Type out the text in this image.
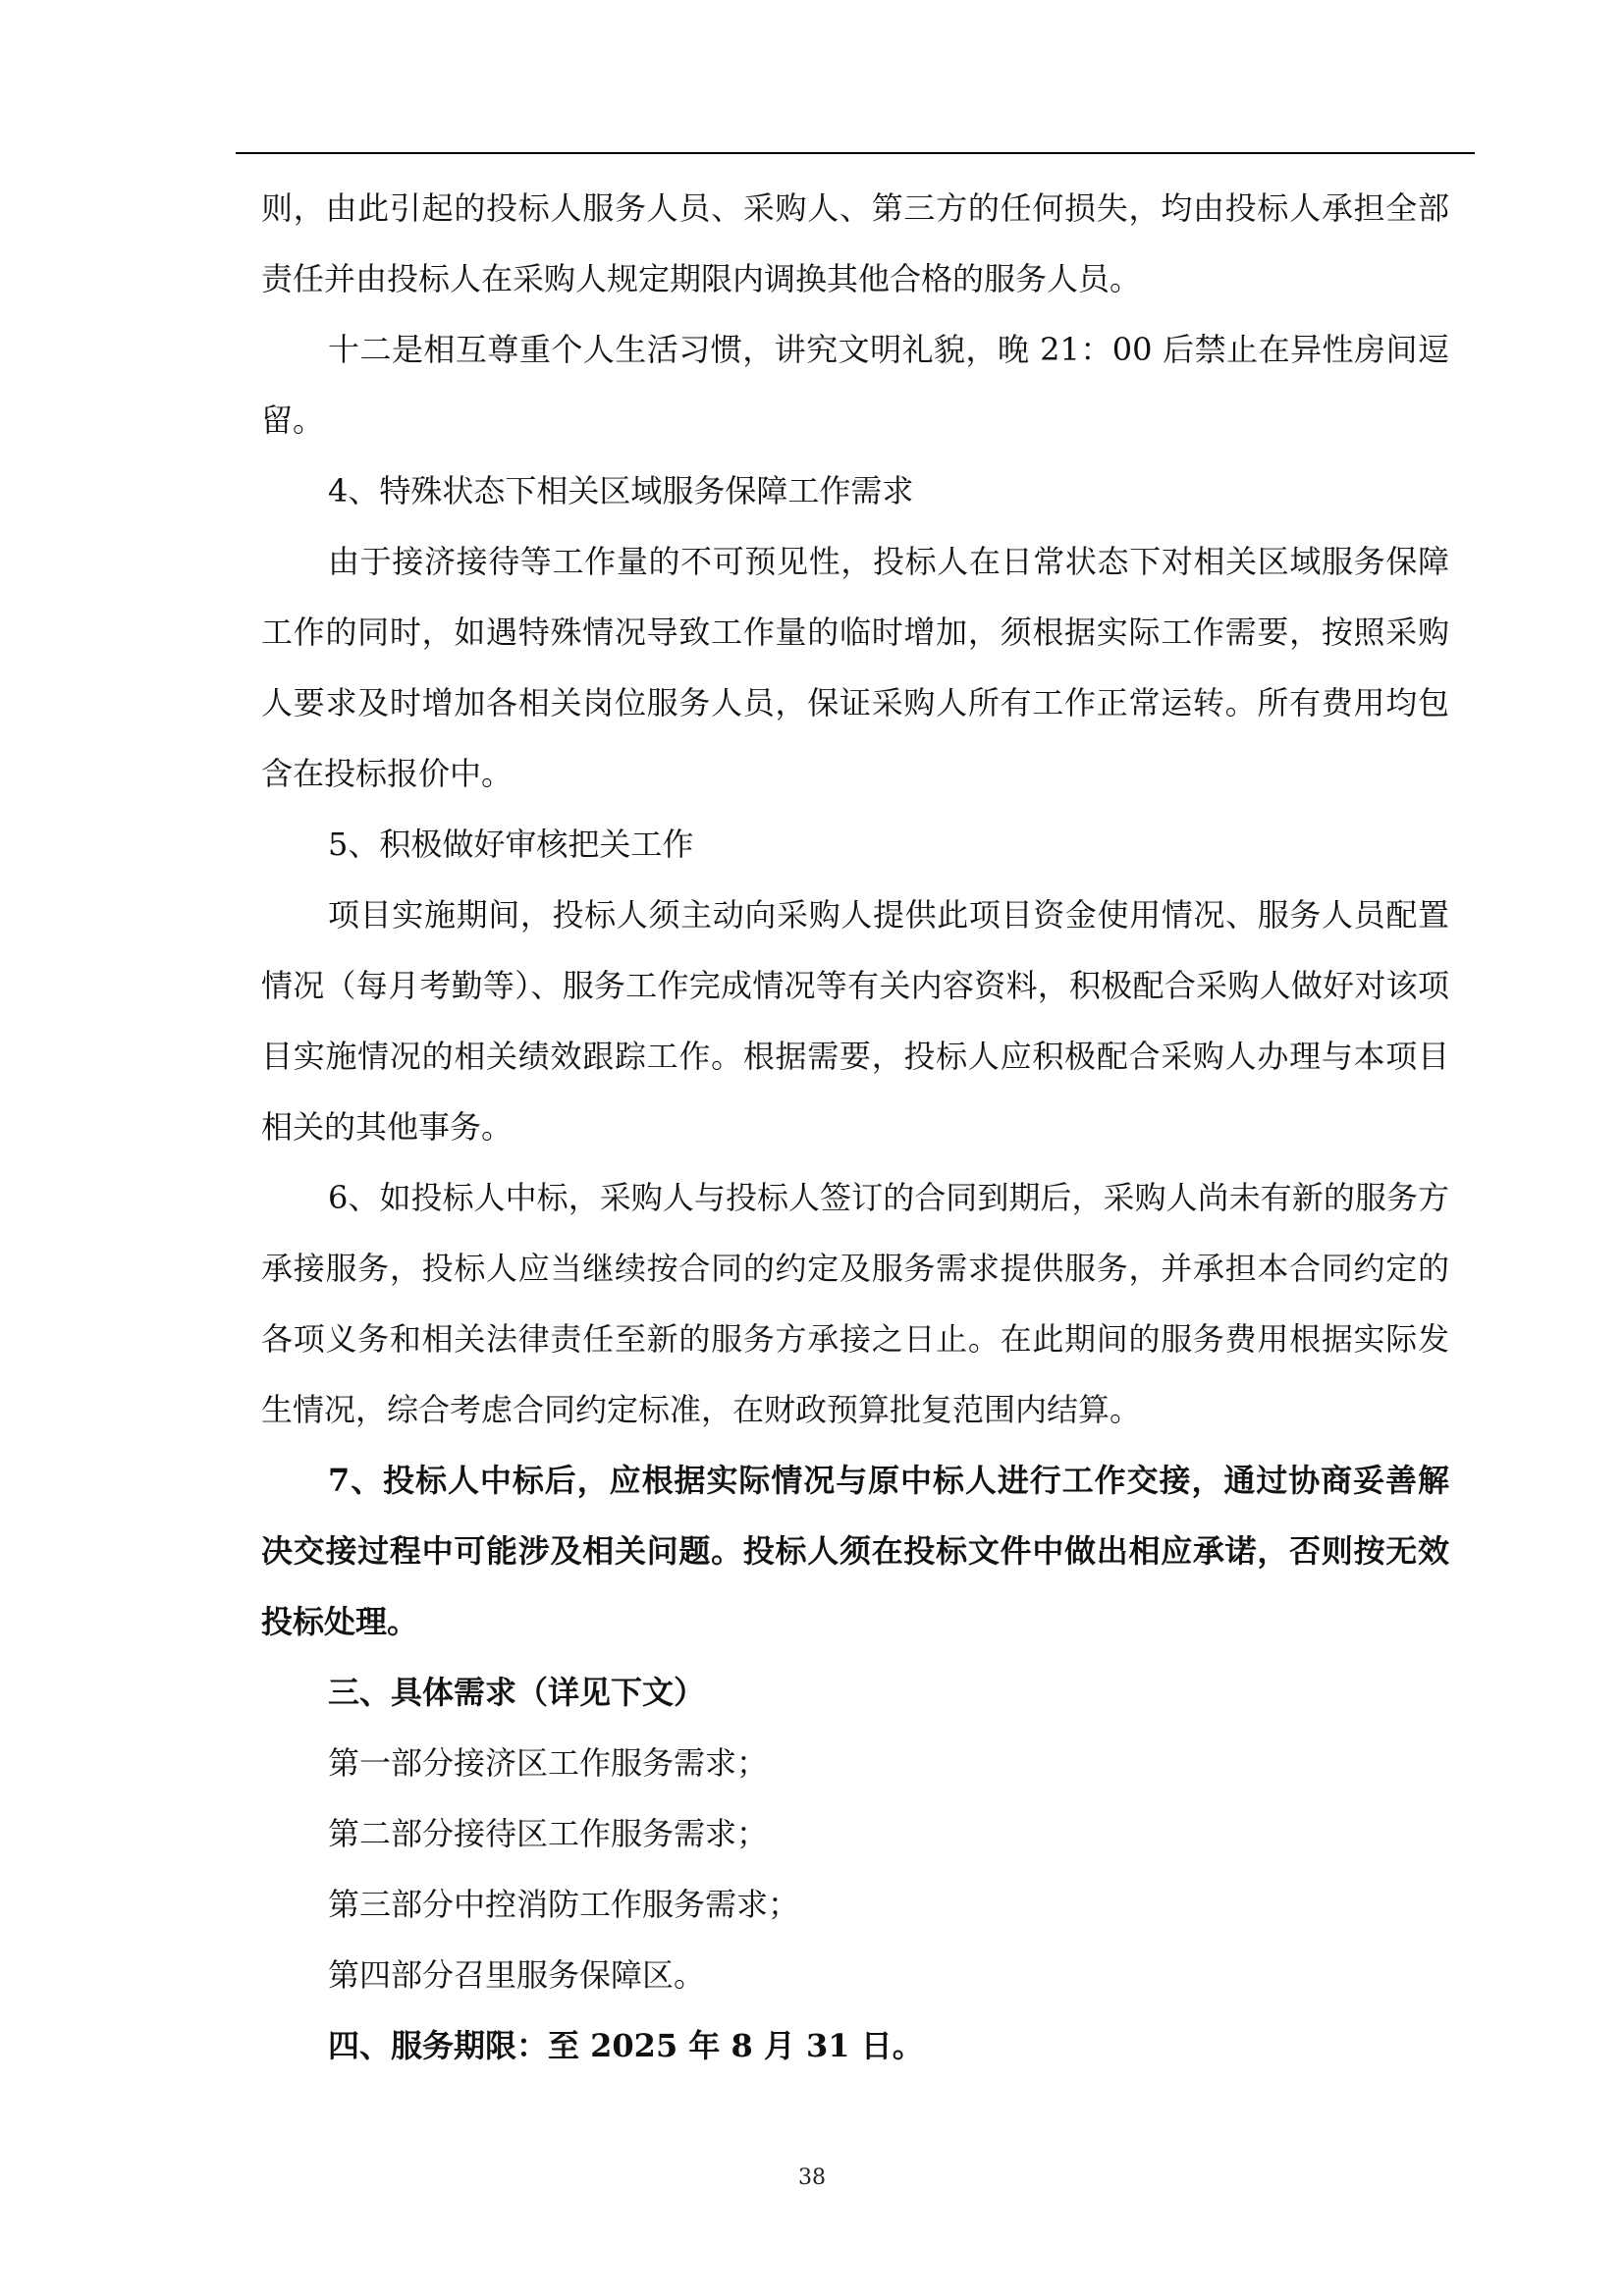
则，由此引起的投标人服务人员、采购人、第三方的任何损失，均由投标人承担全部责任并由投标人在采购人规定期限内调换其他合格的服务人员。

十二是相互尊重个人生活习惯，讲究文明礼貌，晚 21：00 后禁止在异性房间逗留。

4、特殊状态下相关区域服务保障工作需求

由于接济接待等工作量的不可预见性，投标人在日常状态下对相关区域服务保障工作的同时，如遇特殊情况导致工作量的临时增加，须根据实际工作需要，按照采购人要求及时增加各相关岗位服务人员，保证采购人所有工作正常运转。所有费用均包含在投标报价中。

5、积极做好审核把关工作

项目实施期间，投标人须主动向采购人提供此项目资金使用情况、服务人员配置情况（每月考勤等）、服务工作完成情况等有关内容资料，积极配合采购人做好对该项目实施情况的相关绩效跟踪工作。根据需要，投标人应积极配合采购人办理与本项目相关的其他事务。

6、如投标人中标，采购人与投标人签订的合同到期后，采购人尚未有新的服务方承接服务，投标人应当继续按合同的约定及服务需求提供服务，并承担本合同约定的各项义务和相关法律责任至新的服务方承接之日止。在此期间的服务费用根据实际发生情况，综合考虑合同约定标准，在财政预算批复范围内结算。

7、投标人中标后，应根据实际情况与原中标人进行工作交接，通过协商妥善解决交接过程中可能涉及相关问题。投标人须在投标文件中做出相应承诺，否则按无效投标处理。

三、具体需求（详见下文）

第一部分接济区工作服务需求；

第二部分接待区工作服务需求；

第三部分中控消防工作服务需求；

第四部分召里服务保障区。

四、服务期限：至 2025 年 8 月 31 日。

38
